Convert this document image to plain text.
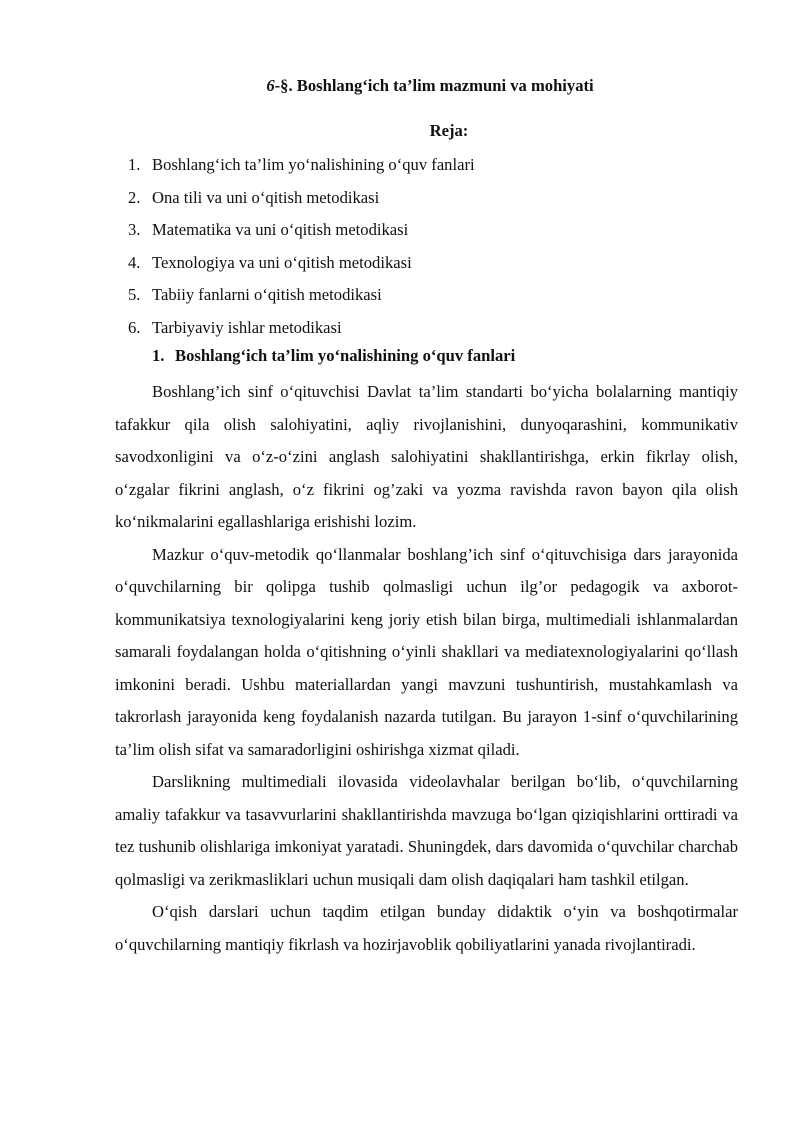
6-§. Boshlang‘ich ta’lim mazmuni va mohiyati
Reja:
1. Boshlang‘ich ta’lim yo‘nalishining o‘quv fanlari
2. Ona tili va uni o‘qitish metodikasi
3. Matematika va uni o‘qitish metodikasi
4. Texnologiya va uni o‘qitish metodikasi
5. Tabiiy fanlarni o‘qitish metodikasi
6. Tarbiyaviy ishlar metodikasi
1. Boshlang‘ich ta’lim yo‘nalishining o‘quv fanlari

Boshlang’ich sinf o‘qituvchisi Davlat ta’lim standarti bo‘yicha bolalarning mantiqiy tafakkur qila olish salohiyatini, aqliy rivojlanishini, dunyoqarashini, kommunikativ savodxonligini va o‘z-o‘zini anglash salohiyatini shakllantirishga, erkin fikrlay olish, o‘zgalar fikrini anglash, o‘z fikrini og’zaki va yozma ravishda ravon bayon qila olish ko‘nikmalarini egallashlariga erishishi lozim.

Mazkur o‘quv-metodik qo‘llanmalar boshlang’ich sinf o‘qituvchisiga dars jarayonida o‘quvchilarning bir qolipga tushib qolmasligi uchun ilg’or pedagogik va axborot-kommunikatsiya texnologiyalarini keng joriy etish bilan birga, multimediali ishlanmalardan samarali foydalangan holda o‘qitishning o‘yinli shakllari va mediatexnologiyalarini qo‘llash imkonini beradi. Ushbu materiallardan yangi mavzuni tushuntirish, mustahkamlash va takrorlash jarayonida keng foydalanish nazarda tutilgan. Bu jarayon 1-sinf o‘quvchilarining ta’lim olish sifat va samaradorligini oshirishga xizmat qiladi.

Darslikning multimediali ilovasida videolavhalar berilgan bo‘lib, o‘quvchilarning amaliy tafakkur va tasavvurlarini shakllantirishda mavzuga bo‘lgan qiziqishlarini orttiradi va tez tushunib olishlariga imkoniyat yaratadi. Shuningdek, dars davomida o‘quvchilar charchab qolmasligi va zerikmasliklari uchun musiqali dam olish daqiqalari ham tashkil etilgan.

O‘qish darslari uchun taqdim etilgan bunday didaktik o‘yin va boshqotirmalar o‘quvchilarning mantiqiy fikrlash va hozirjavoblik qobiliyatlarini yanada rivojlantiradi.
